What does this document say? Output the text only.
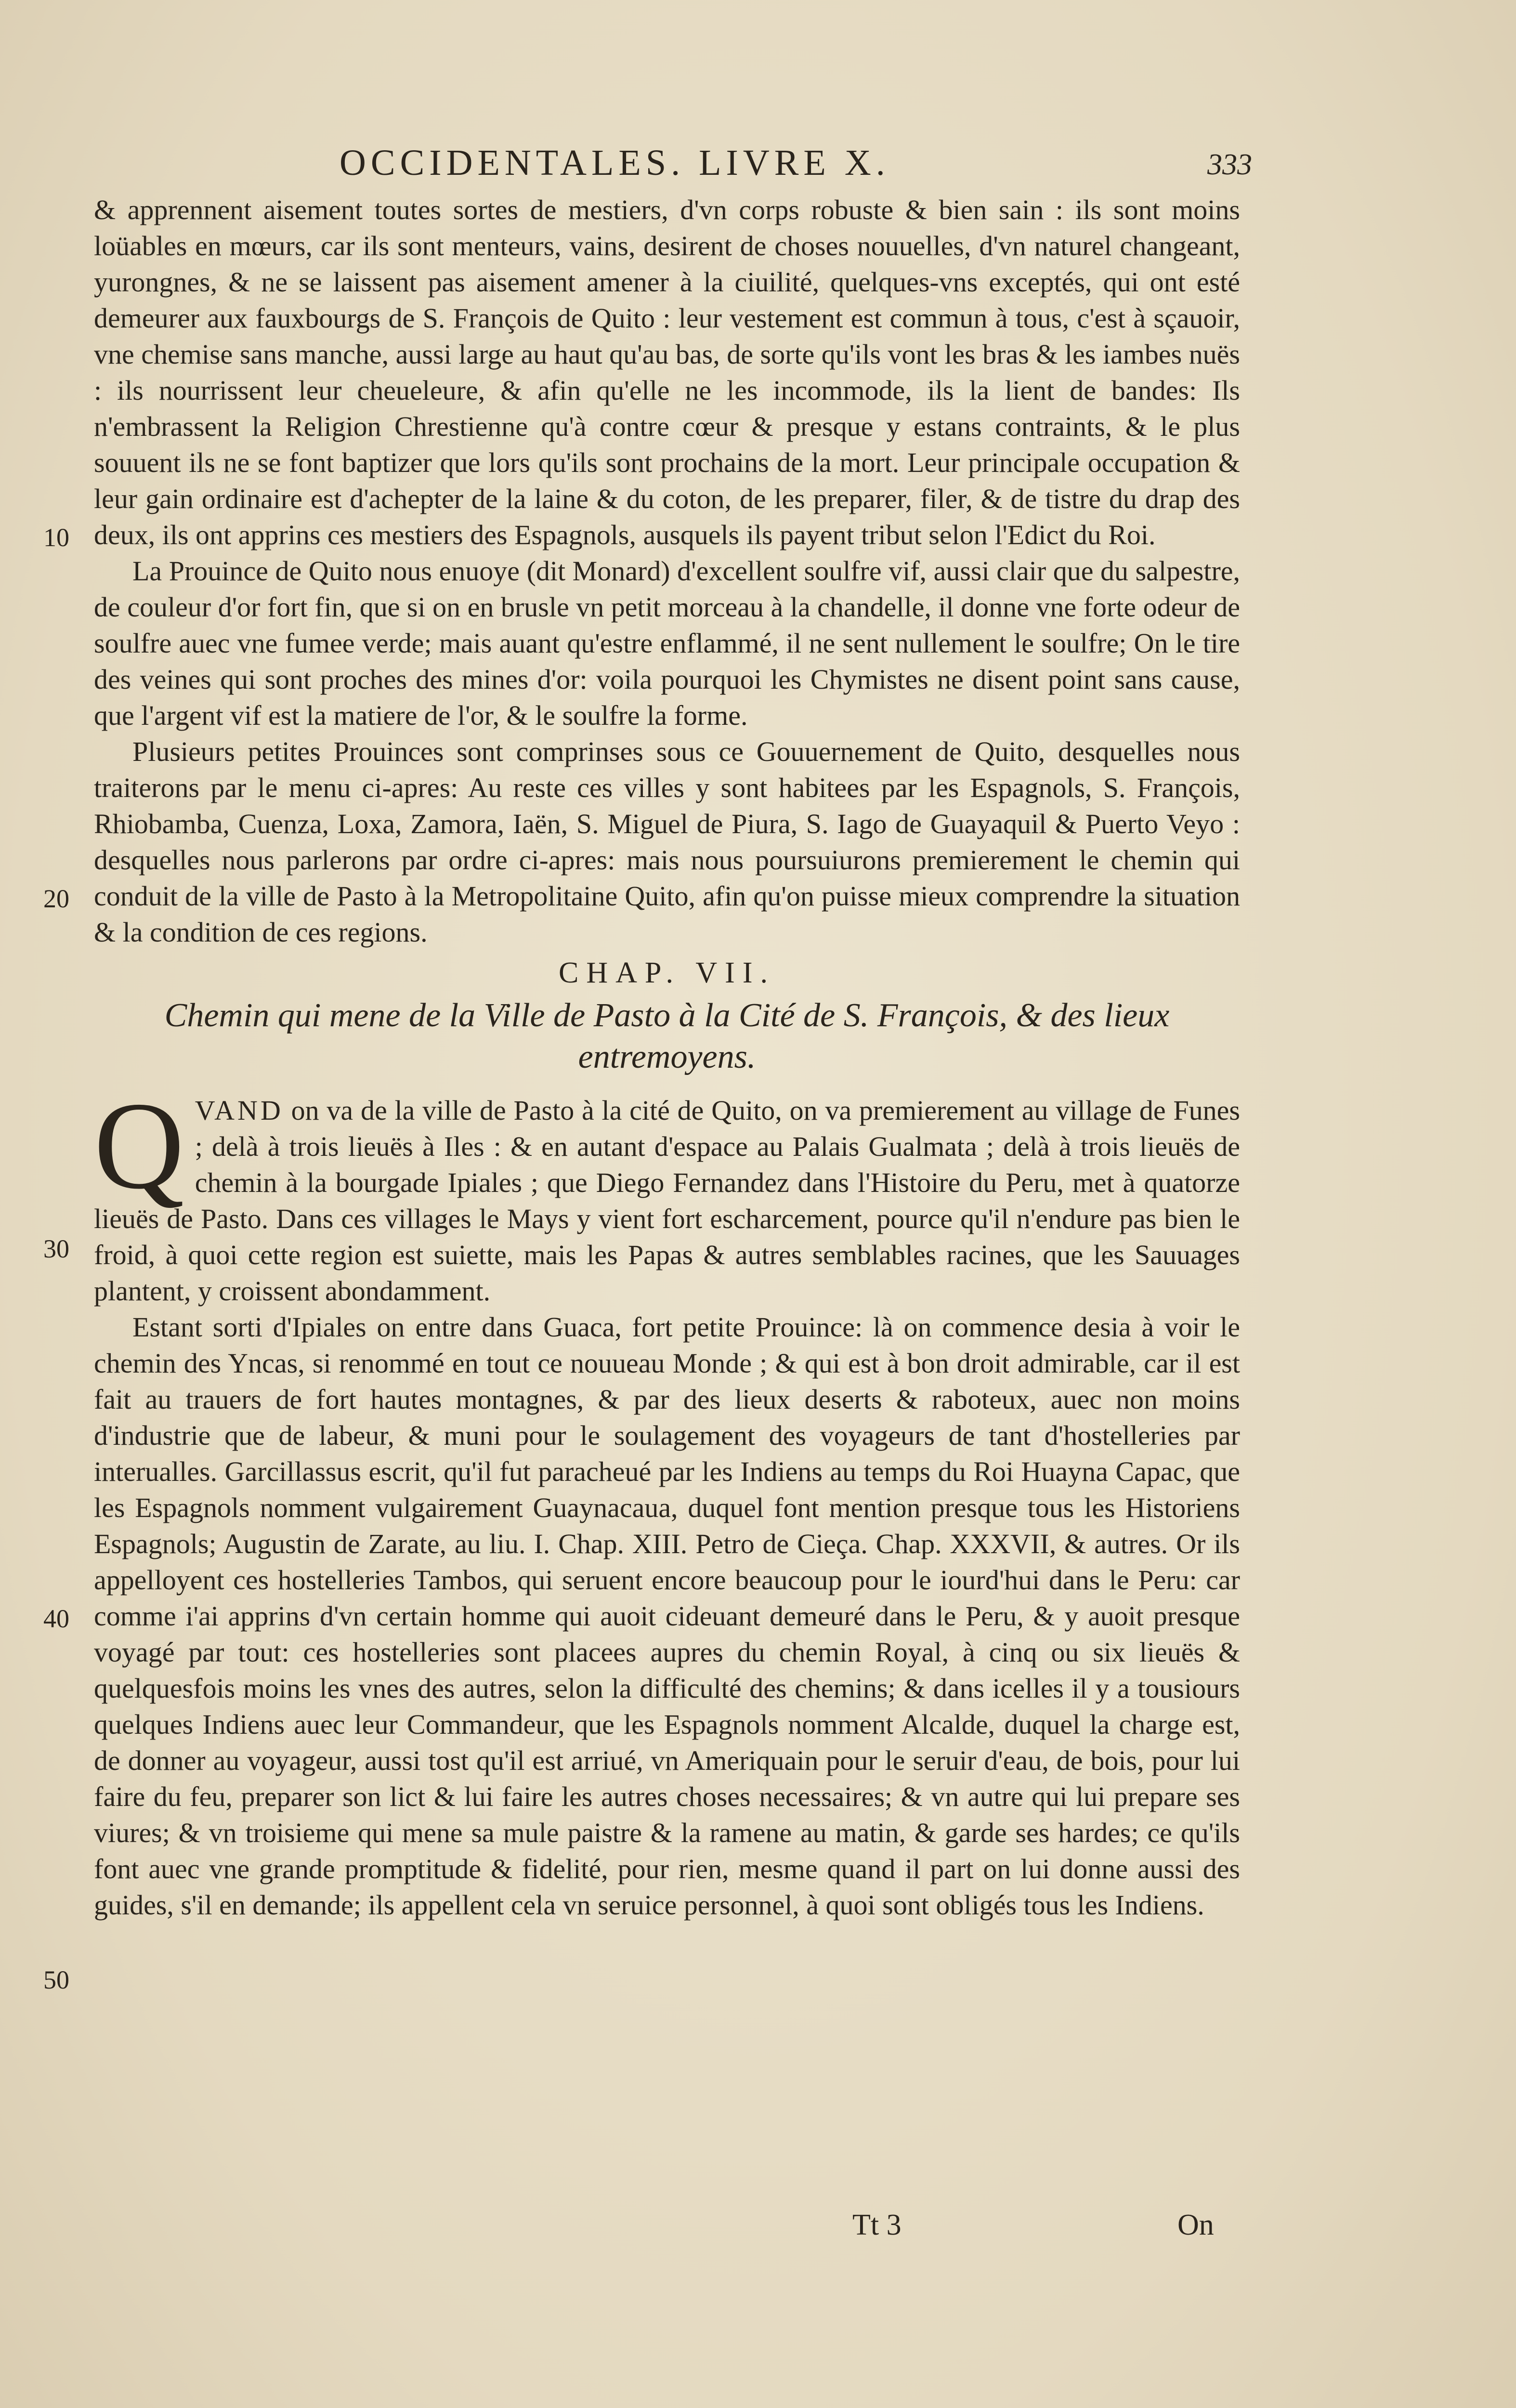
OCCIDENTALES. LIVRE X.	333
10
20
30
40
50

& apprennent aisement toutes sortes de mestiers, d'vn corps robuste & bien sain : ils sont moins loüables en mœurs, car ils sont menteurs, vains, desirent de choses nouuelles, d'vn naturel changeant, yurongnes, & ne se laissent pas aisement amener à la ciuilité, quelques-vns exceptés, qui ont esté demeurer aux fauxbourgs de S. François de Quito : leur vestement est commun à tous, c'est à sçauoir, vne chemise sans manche, aussi large au haut qu'au bas, de sorte qu'ils vont les bras & les iambes nuës : ils nourrissent leur cheueleure, & afin qu'elle ne les incommode, ils la lient de bandes: Ils n'embrassent la Religion Chrestienne qu'à contre cœur & presque y estans contraints, & le plus souuent ils ne se font baptizer que lors qu'ils sont prochains de la mort. Leur principale occupation & leur gain ordinaire est d'achepter de la laine & du coton, de les preparer, filer, & de tistre du drap des deux, ils ont apprins ces mestiers des Espagnols, ausquels ils payent tribut selon l'Edict du Roi.

La Prouince de Quito nous enuoye (dit Monard) d'excellent soulfre vif, aussi clair que du salpestre, de couleur d'or fort fin, que si on en brusle vn petit morceau à la chandelle, il donne vne forte odeur de soulfre auec vne fumee verde; mais auant qu'estre enflammé, il ne sent nullement le soulfre; On le tire des veines qui sont proches des mines d'or: voila pourquoi les Chymistes ne disent point sans cause, que l'argent vif est la matiere de l'or, & le soulfre la forme.

Plusieurs petites Prouinces sont comprinses sous ce Gouuernement de Quito, desquelles nous traiterons par le menu ci-apres: Au reste ces villes y sont habitees par les Espagnols, S. François, Rhiobamba, Cuenza, Loxa, Zamora, Iaën, S. Miguel de Piura, S. Iago de Guayaquil & Puerto Veyo : desquelles nous parlerons par ordre ci-apres: mais nous poursuiurons premierement le chemin qui conduit de la ville de Pasto à la Metropolitaine Quito, afin qu'on puisse mieux comprendre la situation & la condition de ces regions.

CHAP. VII.
Chemin qui mene de la Ville de Pasto à la Cité de S. François, & des lieux entremoyens.

Q VAND on va de la ville de Pasto à la cité de Quito, on va premierement au village de Funes ; delà à trois lieuës à Iles : & en autant d'espace au Palais Gualmata ; delà à trois lieuës de chemin à la bourgade Ipiales ; que Diego Fernandez dans l'Histoire du Peru, met à quatorze lieuës de Pasto. Dans ces villages le Mays y vient fort escharcement, pource qu'il n'endure pas bien le froid, à quoi cette region est suiette, mais les Papas & autres semblables racines, que les Sauuages plantent, y croissent abondamment.

Estant sorti d'Ipiales on entre dans Guaca, fort petite Prouince: là on commence desia à voir le chemin des Yncas, si renommé en tout ce nouueau Monde ; & qui est à bon droit admirable, car il est fait au trauers de fort hautes montagnes, & par des lieux deserts & raboteux, auec non moins d'industrie que de labeur, & muni pour le soulagement des voyageurs de tant d'hostelleries par interualles. Garcillassus escrit, qu'il fut paracheué par les Indiens au temps du Roi Huayna Capac, que les Espagnols nomment vulgairement Guaynacaua, duquel font mention presque tous les Historiens Espagnols; Augustin de Zarate, au liu. I. Chap. XIII. Petro de Cieça. Chap. XXXVII, & autres. Or ils appelloyent ces hostelleries Tambos, qui seruent encore beaucoup pour le iourd'hui dans le Peru: car comme i'ai apprins d'vn certain homme qui auoit cideuant demeuré dans le Peru, & y auoit presque voyagé par tout: ces hostelleries sont placees aupres du chemin Royal, à cinq ou six lieuës & quelquesfois moins les vnes des autres, selon la difficulté des chemins; & dans icelles il y a tousiours quelques Indiens auec leur Commandeur, que les Espagnols nomment Alcalde, duquel la charge est, de donner au voyageur, aussi tost qu'il est arriué, vn Ameriquain pour le seruir d'eau, de bois, pour lui faire du feu, preparer son lict & lui faire les autres choses necessaires; & vn autre qui lui prepare ses viures; & vn troisieme qui mene sa mule paistre & la ramene au matin, & garde ses hardes; ce qu'ils font auec vne grande promptitude & fidelité, pour rien, mesme quand il part on lui donne aussi des guides, s'il en demande; ils appellent cela vn seruice personnel, à quoi sont obligés tous les Indiens.

Tt 3	On
